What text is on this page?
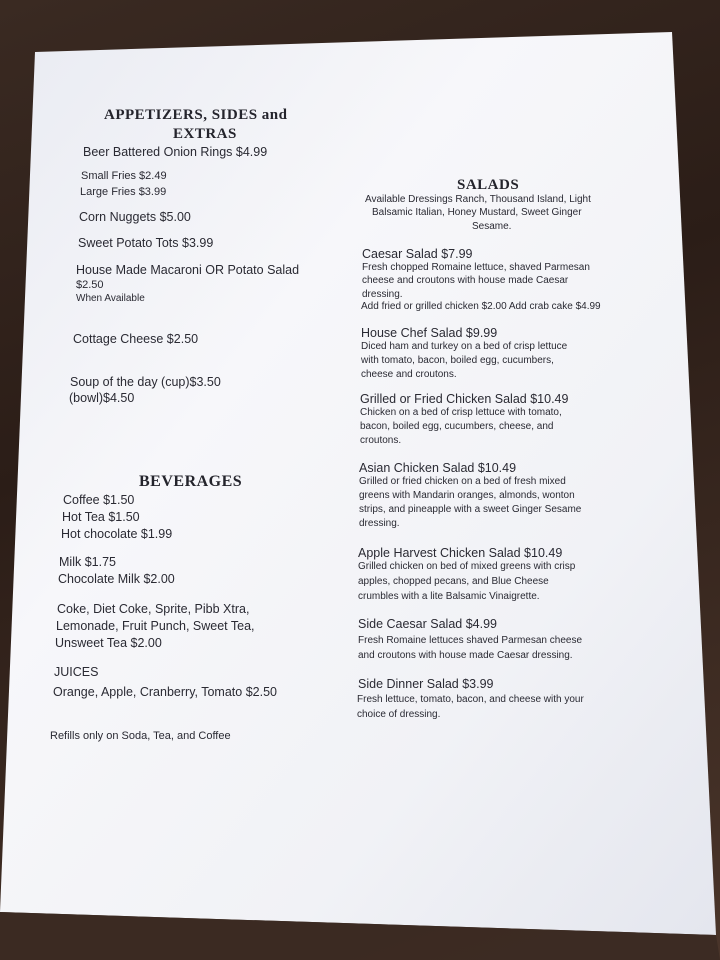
APPETIZERS, SIDES and
EXTRAS
Beer Battered Onion Rings $4.99
Small Fries $2.49
Large Fries $3.99
Corn Nuggets $5.00
Sweet Potato Tots $3.99
House Made Macaroni OR Potato Salad
$2.50
When Available
Cottage Cheese $2.50
Soup of the day (cup)$3.50
(bowl)$4.50
BEVERAGES
Coffee $1.50
Hot Tea $1.50
Hot chocolate $1.99
Milk $1.75
Chocolate Milk $2.00
Coke, Diet Coke, Sprite, Pibb Xtra,
Lemonade, Fruit Punch, Sweet Tea,
Unsweet Tea $2.00
JUICES
Orange, Apple, Cranberry, Tomato $2.50
Refills only on Soda, Tea, and Coffee
SALADS
Available Dressings Ranch, Thousand Island, Light
Balsamic Italian, Honey Mustard, Sweet Ginger
Sesame.
Caesar Salad $7.99
Fresh chopped Romaine lettuce, shaved Parmesan
cheese and croutons with house made Caesar
dressing.
Add fried or grilled chicken $2.00 Add crab cake $4.99
House Chef Salad $9.99
Diced ham and turkey on a bed of crisp lettuce
with tomato, bacon, boiled egg, cucumbers,
cheese and croutons.
Grilled or Fried Chicken Salad $10.49
Chicken on a bed of crisp lettuce with tomato,
bacon, boiled egg, cucumbers, cheese, and
croutons.
Asian Chicken Salad $10.49
Grilled or fried chicken on a bed of fresh mixed
greens with Mandarin oranges, almonds, wonton
strips, and pineapple with a sweet Ginger Sesame
dressing.
Apple Harvest Chicken Salad $10.49
Grilled chicken on bed of mixed greens with crisp
apples, chopped pecans, and Blue Cheese
crumbles with a lite Balsamic Vinaigrette.
Side Caesar Salad $4.99
Fresh Romaine lettuces shaved Parmesan cheese
and croutons with house made Caesar dressing.
Side Dinner Salad $3.99
Fresh lettuce, tomato, bacon, and cheese with your
choice of dressing.
